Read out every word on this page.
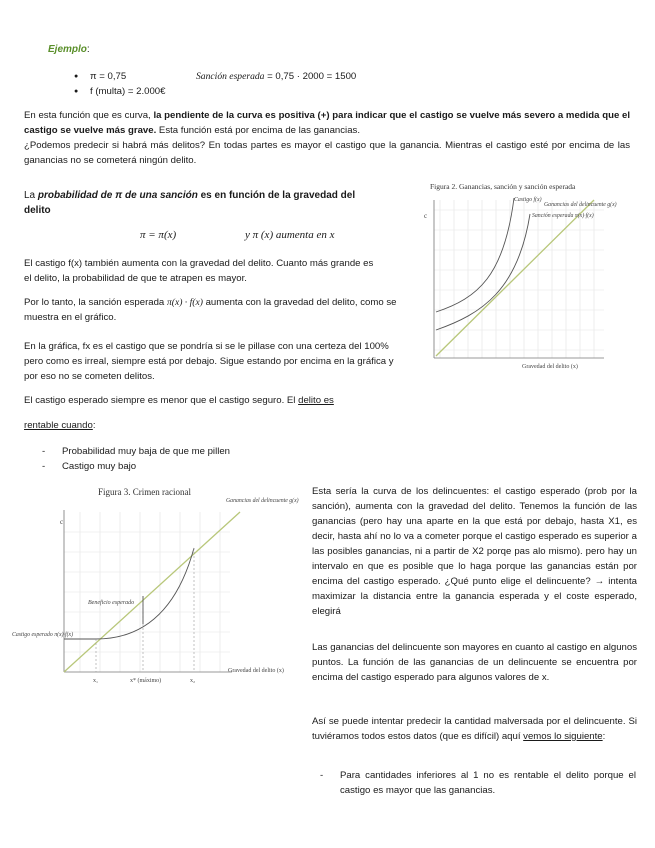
Ejemplo:
● π = 0,75	Sanción esperada = 0,75 · 2000 = 1500
● f (multa) = 2.000€
En esta función que es curva, la pendiente de la curva es positiva (+) para indicar que el castigo se vuelve más severo a medida que el castigo se vuelve más grave. Esta función está por encima de las ganancias.
¿Podemos predecir si habrá más delitos? En todas partes es mayor el castigo que la ganancia. Mientras el castigo esté por encima de las ganancias no se cometerá ningún delito.
La probabilidad de π de una sanción es en función de la gravedad del delito
π = π(x)	y π (x) aumenta en x
El castigo f(x) también aumenta con la gravedad del delito. Cuanto más grande es el delito, la probabilidad de que te atrapen es mayor.
Por lo tanto, la sanción esperada π(x) · f(x) aumenta con la gravedad del delito, como se muestra en el gráfico.
En la gráfica, fx es el castigo que se pondría si se le pillase con una certeza del 100% pero como es irreal, siempre está por debajo. Sigue estando por encima en la gráfica y por eso no se cometen delitos.
El castigo esperado siempre es menor que el castigo seguro. El delito es
rentable cuando:
- Probabilidad muy baja de que me pillen
- Castigo muy bajo
Figura 2. Ganancias, sanción y sanción esperada
c
Castigo f(x)
Sanción esperada π(x)·f(x)
Ganancias del delincuente g(x)
Gravedad del delito (x)
Figura 3. Crimen racional
c
Ganancias del delincuente g(x)
Beneficio esperado
Castigo esperado π(x)·f(x)
Gravedad del delito (x)
x₁	x* (máximo)	x₂
Esta sería la curva de los delincuentes: el castigo esperado (prob por la sanción), aumenta con la gravedad del delito. Tenemos la función de las ganancias (pero hay una aparte en la que está por debajo, hasta X1, es decir, hasta ahí no lo va a cometer porque el castigo esperado es superior a las posibles ganancias, ni a partir de X2 porqe pas alo mismo). pero hay un intervalo en que es posible que lo haga porque las ganancias están por encima del castigo esperado. ¿Qué punto elige el delincuente? → intenta maximizar la distancia entre la ganancia esperada y el coste esperado, elegirá
Las ganancias del delincuente son mayores en cuanto al castigo en algunos puntos. La función de las ganancias de un delincuente se encuentra por encima del castigo esperado para algunos valores de x.
Así se puede intentar predecir la cantidad malversada por el delincuente. Si tuviéramos todos estos datos (que es difícil) aquí vemos lo siguiente:
- Para cantidades inferiores al 1 no es rentable el delito porque el castigo es mayor que las ganancias.
